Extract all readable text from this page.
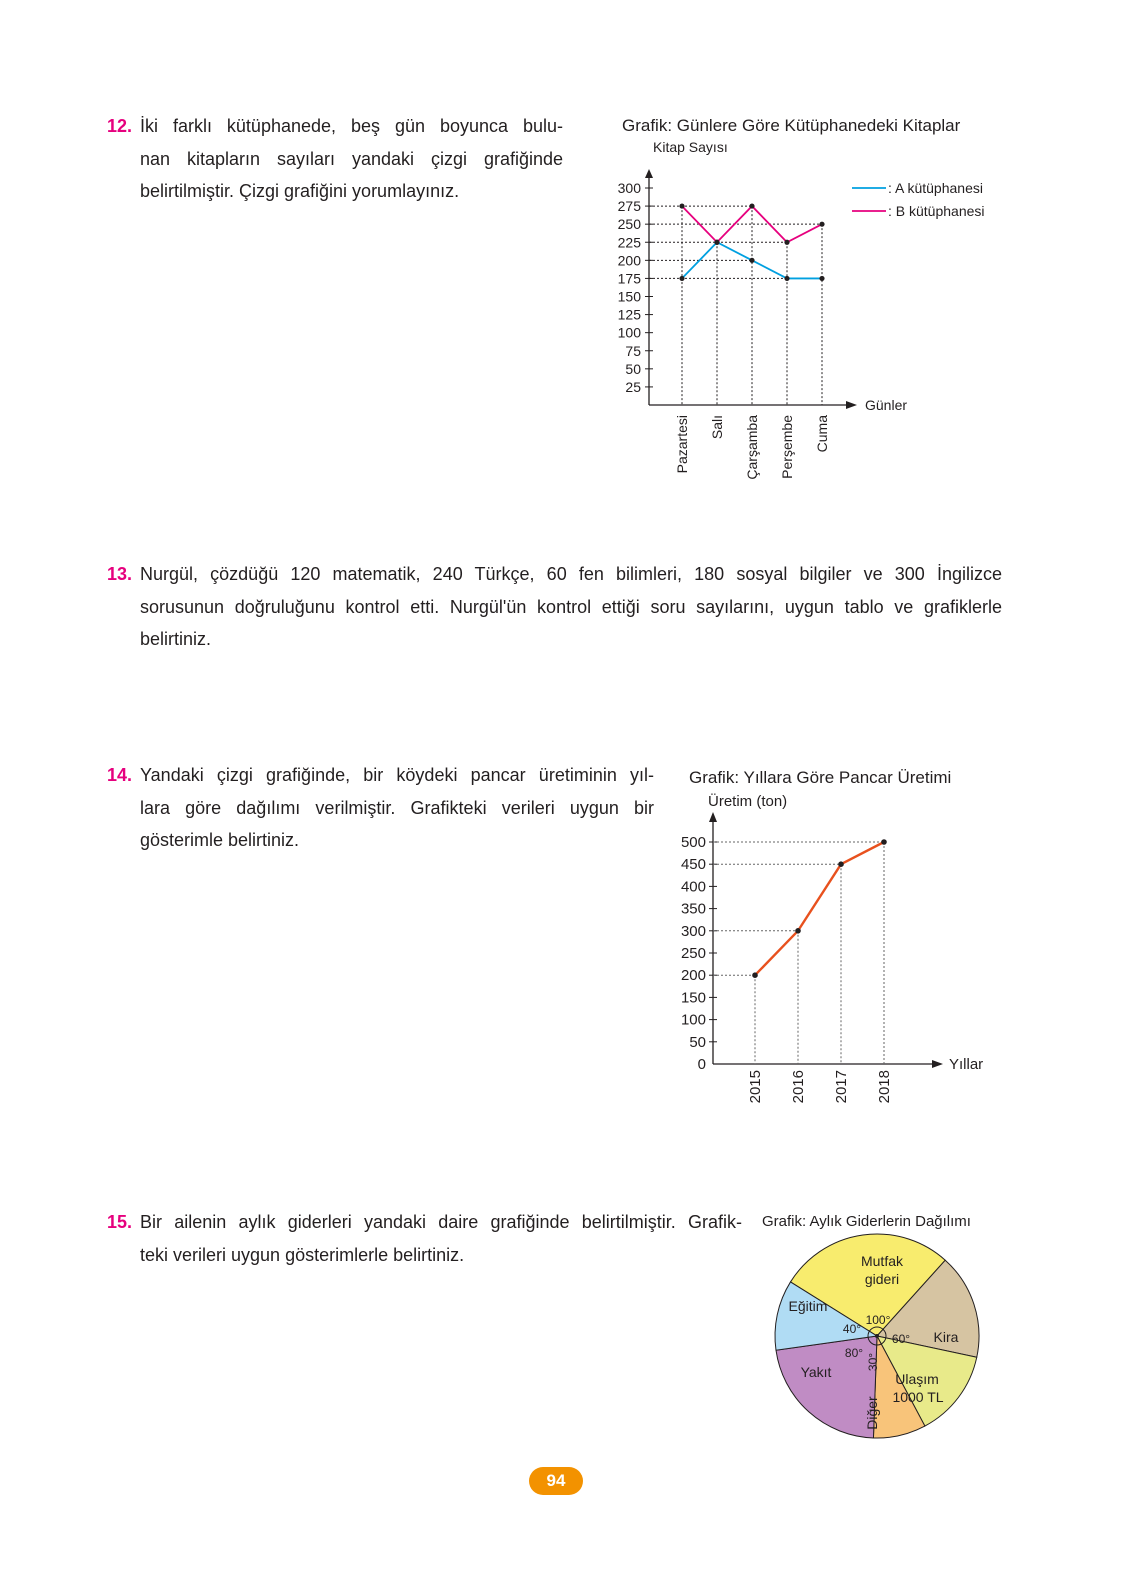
12. İki farklı kütüphanede, beş gün boyunca bulu-
nan kitapların sayıları yandaki çizgi grafiğinde
belirtilmiştir. Çizgi grafiğini yorumlayınız.
Grafik: Günlere Göre Kütüphanedeki Kitaplar
Kitap Sayısı
Günler
25
50
75
100
125
150
175
200
225
250
275
300	: A kütüphanesi
: B kütüphanesi
Pazartesi Salı Çarşamba Perşembe Cuma
13. Nurgül, çözdüğü 120 matematik, 240 Türkçe, 60 fen bilimleri, 180 sosyal bilgiler ve 300 İngilizce
sorusunun doğruluğunu kontrol etti. Nurgül'ün kontrol ettiği soru sayılarını, uygun tablo ve grafiklerle
belirtiniz.
14. Yandaki çizgi grafiğinde, bir köydeki pancar üretiminin yıl-
lara göre dağılımı verilmiştir. Grafikteki verileri uygun bir
gösterimle belirtiniz.
Grafik: Yıllara Göre Pancar Üretimi
Üretim (ton)
Yıllar
0
50
100
150
200
250
300
350
400
450
500
2015 2016 2017 2018
15. Bir ailenin aylık giderleri yandaki daire grafiğinde belirtilmiştir. Grafik-
teki verileri uygun gösterimlerle belirtiniz.
Grafik: Aylık Giderlerin Dağılımı
Mutfak
gideri
Kira
Ulaşım
1000 TL
Diğer
Yakıt
Eğitim
100°
60°
30°
80°
40°
94
